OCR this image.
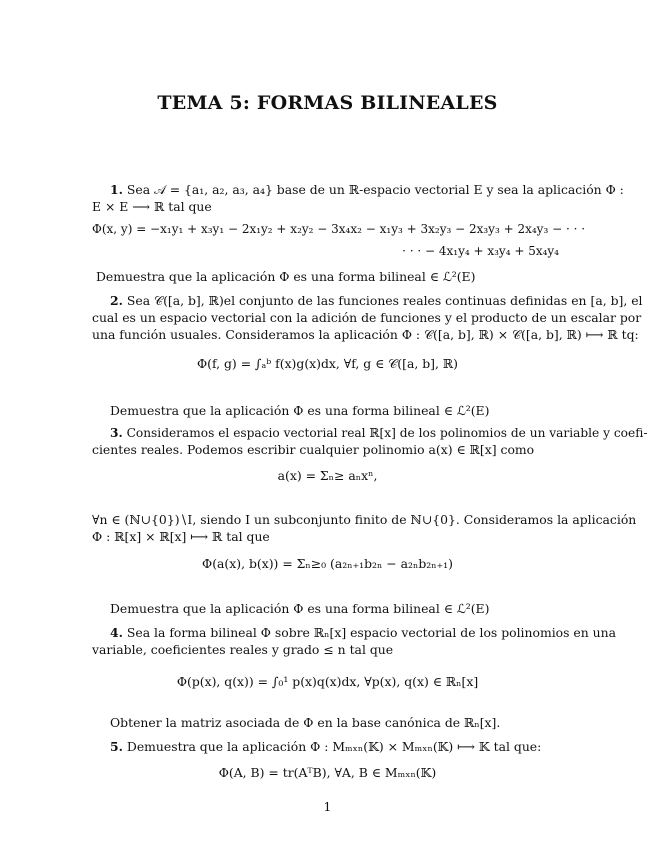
TEMA 5: FORMAS BILINEALES
1. Sea 𝒜 = {a₁, a₂, a₃, a₄} base de un ℝ-espacio vectorial E y sea la aplicación Φ :
E × E ⟶ ℝ tal que
Φ(x, y) = −x₁y₁ + x₃y₁ − 2x₁y₂ + x₂y₂ − 3x₄x₂ − x₁y₃ + 3x₂y₃ − 2x₃y₃ + 2x₄y₃ − · · ·
· · · − 4x₁y₄ + x₃y₄ + 5x₄y₄
Demuestra que la aplicación Φ es una forma bilineal ∈ ℒ²(E)
2. Sea 𝒞([a, b], ℝ)el conjunto de las funciones reales continuas definidas en [a, b], el
cual es un espacio vectorial con la adición de funciones y el producto de un escalar por
una función usuales. Consideramos la aplicación Φ : 𝒞([a, b], ℝ) × 𝒞([a, b], ℝ) ⟼ ℝ tq:
Φ(f, g) = ∫ₐᵇ f(x)g(x)dx, ∀f, g ∈ 𝒞([a, b], ℝ)
Demuestra que la aplicación Φ es una forma bilineal ∈ ℒ²(E)
3. Consideramos el espacio vectorial real ℝ[x] de los polinomios de un variable y coefi-
cientes reales. Podemos escribir cualquier polinomio a(x) ∈ ℝ[x] como
a(x) = Σₙ≥ aₙxⁿ,
∀n ∈ (ℕ∪{0})∖I, siendo I un subconjunto finito de ℕ∪{0}. Consideramos la aplicación
Φ : ℝ[x] × ℝ[x] ⟼ ℝ tal que
Φ(a(x), b(x)) = Σₙ≥₀ (a₂ₙ₊₁b₂ₙ − a₂ₙb₂ₙ₊₁)
Demuestra que la aplicación Φ es una forma bilineal ∈ ℒ²(E)
4. Sea la forma bilineal Φ sobre ℝₙ[x] espacio vectorial de los polinomios en una
variable, coeficientes reales y grado ≤ n tal que
Φ(p(x), q(x)) = ∫₀¹ p(x)q(x)dx, ∀p(x), q(x) ∈ ℝₙ[x]
Obtener la matriz asociada de Φ en la base canónica de ℝₙ[x].
5. Demuestra que la aplicación Φ : Mₘₓₙ(𝕂) × Mₘₓₙ(𝕂) ⟼ 𝕂 tal que:
Φ(A, B) = tr(AᵀB), ∀A, B ∈ Mₘₓₙ(𝕂)
1
